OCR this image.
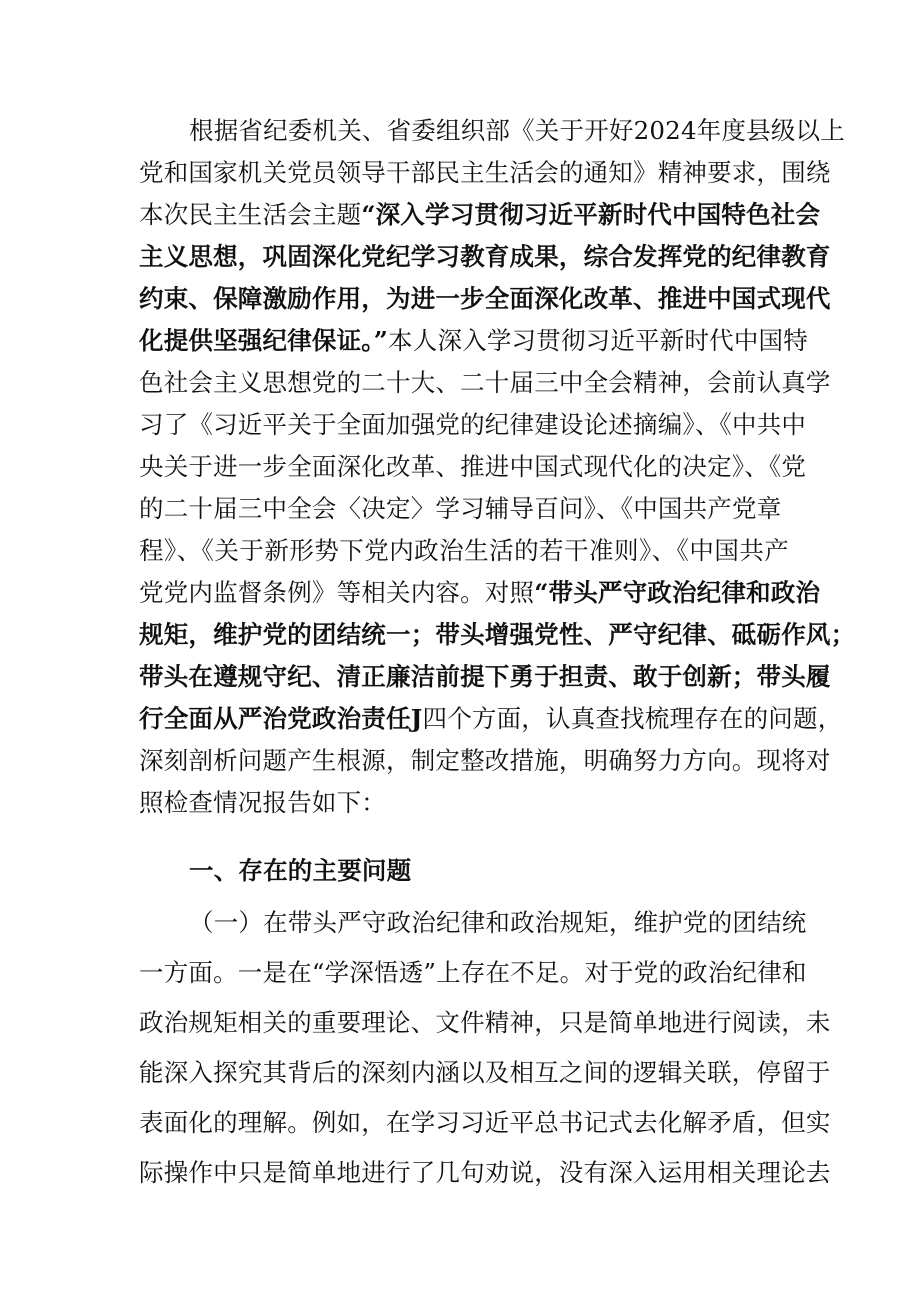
根据省纪委机关、省委组织部《关于开好2024年度县级以上
党和国家机关党员领导干部民主生活会的通知》精神要求，围绕
本次民主生活会主题 “深入学习贯彻习近平新时代中国特色社会
主义思想，巩固深化党纪学习教育成果，综合发挥党的纪律教育
约束、保障激励作用，为进一步全面深化改革、推进中国式现代
化提供坚强纪律保证。” 本人深入学习贯彻习近平新时代中国特
色社会主义思想党的二十大、二十届三中全会精神，会前认真学
习了《习近平关于全面加强党的纪律建设论述摘编》、《中共中
央关于进一步全面深化改革、推进中国式现代化的决定》、《党
的二十届三中全会〈决定〉学习辅导百问》、《中国共产党章
程》、《关于新形势下党内政治生活的若干准则》、《中国共产
党党内监督条例》等相关内容。对照 “带头严守政治纪律和政治
规矩，维护党的团结统一；带头增强党性、严守纪律、砥砺作风；
带头在遵规守纪、清正廉洁前提下勇于担责、敢于创新；带头履
行全面从严治党政治责任J 四个方面，认真查找梳理存在的问题，
深刻剖析问题产生根源，制定整改措施，明确努力方向。现将对
照检查情况报告如下：
一、存在的主要问题
（一）在带头严守政治纪律和政治规矩，维护党的团结统
一方面。一是在“学深悟透”上存在不足。对于党的政治纪律和
政治规矩相关的重要理论、文件精神，只是简单地进行阅读，未
能深入探究其背后的深刻内涵以及相互之间的逻辑关联，停留于
表面化的理解。例如，在学习习近平总书记式去化解矛盾，但实
际操作中只是简单地进行了几句劝说，没有深入运用相关理论去
